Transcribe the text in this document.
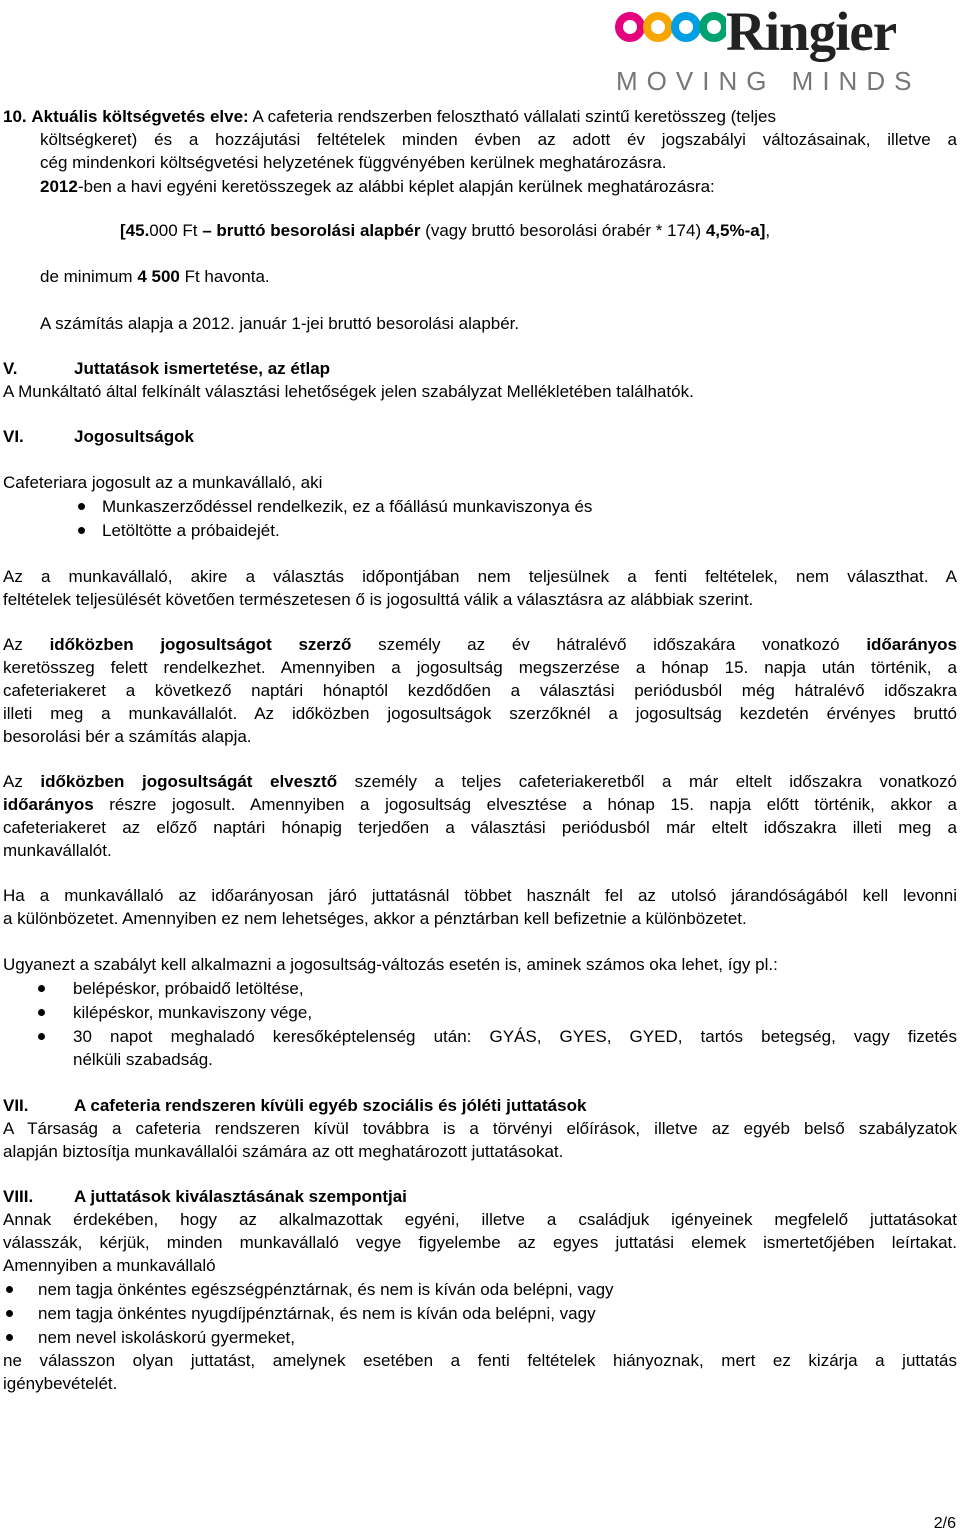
Ringier
MOVING MINDS
10. Aktuális költségvetés elve: A cafeteria rendszerben felosztható vállalati szintű keretösszeg (teljes
költségkeret) és a hozzájutási feltételek minden évben az adott év jogszabályi változásainak, illetve a
cég mindenkori költségvetési helyzetének függvényében kerülnek meghatározásra.
2012-ben a havi egyéni keretösszegek az alábbi képlet alapján kerülnek meghatározásra:
[45.000 Ft – bruttó besorolási alapbér (vagy bruttó besorolási órabér * 174) 4,5%-a],
de minimum 4 500 Ft havonta.
A számítás alapja a 2012. január 1-jei bruttó besorolási alapbér.
V.	Juttatások ismertetése, az étlap
A Munkáltató által felkínált választási lehetőségek jelen szabályzat Mellékletében találhatók.
VI.	Jogosultságok
Cafeteriara jogosult az a munkavállaló, aki
Munkaszerződéssel rendelkezik, ez a főállású munkaviszonya és
Letöltötte a próbaidejét.
Az a munkavállaló, akire a választás időpontjában nem teljesülnek a fenti feltételek, nem választhat. A
feltételek teljesülését követően természetesen ő is jogosulttá válik a választásra az alábbiak szerint.
Az időközben jogosultságot szerző személy az év hátralévő időszakára vonatkozó időarányos
keretösszeg felett rendelkezhet. Amennyiben a jogosultság megszerzése a hónap 15. napja után történik, a
cafeteriakeret a következő naptári hónaptól kezdődően a választási periódusból még hátralévő időszakra
illeti meg a munkavállalót. Az időközben jogosultságok szerzőknél a jogosultság kezdetén érvényes bruttó
besorolási bér a számítás alapja.
Az időközben jogosultságát elvesztő személy a teljes cafeteriakeretből a már eltelt időszakra vonatkozó
időarányos részre jogosult. Amennyiben a jogosultság elvesztése a hónap 15. napja előtt történik, akkor a
cafeteriakeret az előző naptári hónapig terjedően a választási periódusból már eltelt időszakra illeti meg a
munkavállalót.
Ha a munkavállaló az időarányosan járó juttatásnál többet használt fel az utolsó járandóságából kell levonni
a különbözetet. Amennyiben ez nem lehetséges, akkor a pénztárban kell befizetnie a különbözetet.
Ugyanezt a szabályt kell alkalmazni a jogosultság-változás esetén is, aminek számos oka lehet, így pl.:
belépéskor, próbaidő letöltése,
kilépéskor, munkaviszony vége,
30 napot meghaladó keresőképtelenség után: GYÁS, GYES, GYED, tartós betegség, vagy fizetés
nélküli szabadság.
VII.	A cafeteria rendszeren kívüli egyéb szociális és jóléti juttatások
A Társaság a cafeteria rendszeren kívül továbbra is a törvényi előírások, illetve az egyéb belső szabályzatok
alapján biztosítja munkavállalói számára az ott meghatározott juttatásokat.
VIII. A juttatások kiválasztásának szempontjai
Annak érdekében, hogy az alkalmazottak egyéni, illetve a családjuk igényeinek megfelelő juttatásokat
válasszák, kérjük, minden munkavállaló vegye figyelembe az egyes juttatási elemek ismertetőjében leírtakat.
Amennyiben a munkavállaló
nem tagja önkéntes egészségpénztárnak, és nem is kíván oda belépni, vagy
nem tagja önkéntes nyugdíjpénztárnak, és nem is kíván oda belépni, vagy
nem nevel iskoláskorú gyermeket,
ne válasszon olyan juttatást, amelynek esetében a fenti feltételek hiányoznak, mert ez kizárja a juttatás
igénybevételét.
2/6
